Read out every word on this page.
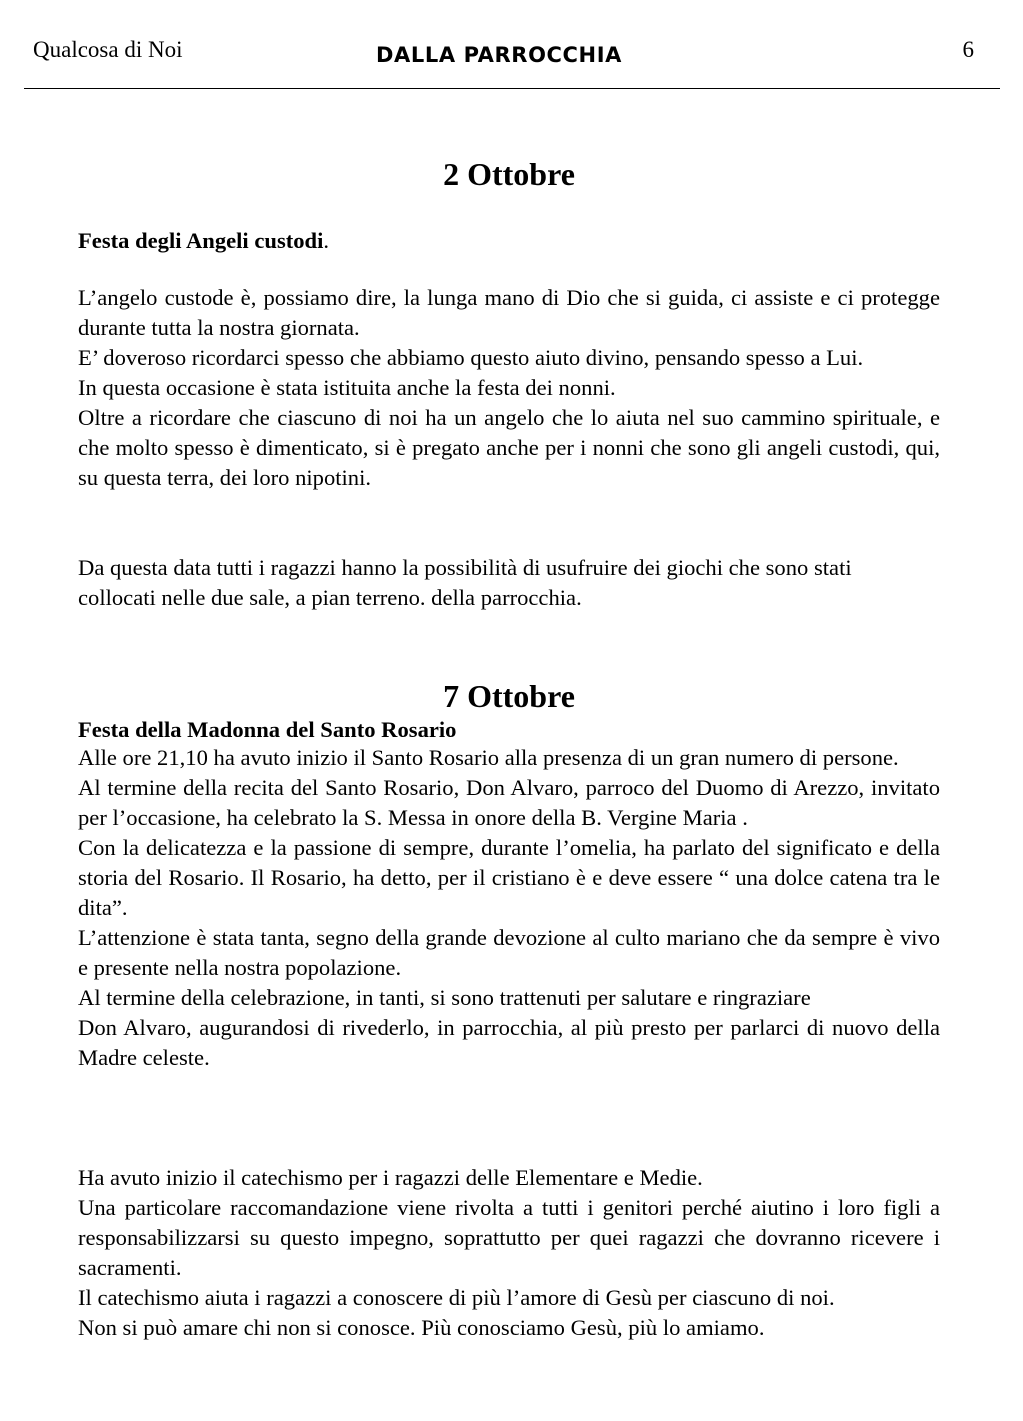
Qualcosa di Noi	DALLA PARROCCHIA	6
2 Ottobre
Festa degli Angeli custodi.

L’angelo custode è, possiamo dire, la lunga mano di Dio che si guida, ci assiste e ci protegge durante tutta la nostra giornata.

E’ doveroso ricordarci spesso che abbiamo questo aiuto divino, pensando spesso a Lui.

In questa occasione è stata istituita anche la festa dei nonni.

Oltre a ricordare che ciascuno di noi ha un angelo che lo aiuta nel suo cammino spirituale, e che molto spesso è dimenticato, si è pregato anche per i nonni che sono gli angeli custodi, qui, su questa terra, dei loro nipotini.

Da questa data tutti i ragazzi hanno la possibilità di usufruire dei giochi che sono stati

collocati nelle due sale, a pian terreno. della parrocchia.

7 Ottobre
Festa della Madonna del Santo Rosario

Alle ore 21,10 ha avuto inizio il Santo Rosario alla presenza di un gran numero di persone.

Al termine della recita del Santo Rosario, Don Alvaro, parroco del Duomo di Arezzo, invitato per l’occasione, ha celebrato la S. Messa in onore della B. Vergine Maria .

Con la delicatezza e la passione di sempre, durante l’omelia, ha parlato del significato e della storia del Rosario. Il Rosario, ha detto, per il cristiano è e deve essere “ una dolce catena tra le dita”.

L’attenzione è stata tanta, segno della grande devozione al culto mariano che da sempre è vivo e presente nella nostra popolazione.

Al termine della celebrazione, in tanti, si sono trattenuti per salutare e ringraziare

Don Alvaro, augurandosi di rivederlo, in parrocchia, al più presto per parlarci di nuovo della Madre celeste.

Ha avuto inizio il catechismo per i ragazzi delle Elementare e Medie.

Una particolare raccomandazione viene rivolta a tutti i genitori perché aiutino i loro figli a responsabilizzarsi su questo impegno, soprattutto per quei ragazzi che dovranno ricevere i sacramenti.

Il catechismo aiuta i ragazzi a conoscere di più l’amore di Gesù per ciascuno di noi.

Non si può amare chi non si conosce. Più conosciamo Gesù, più lo amiamo.
